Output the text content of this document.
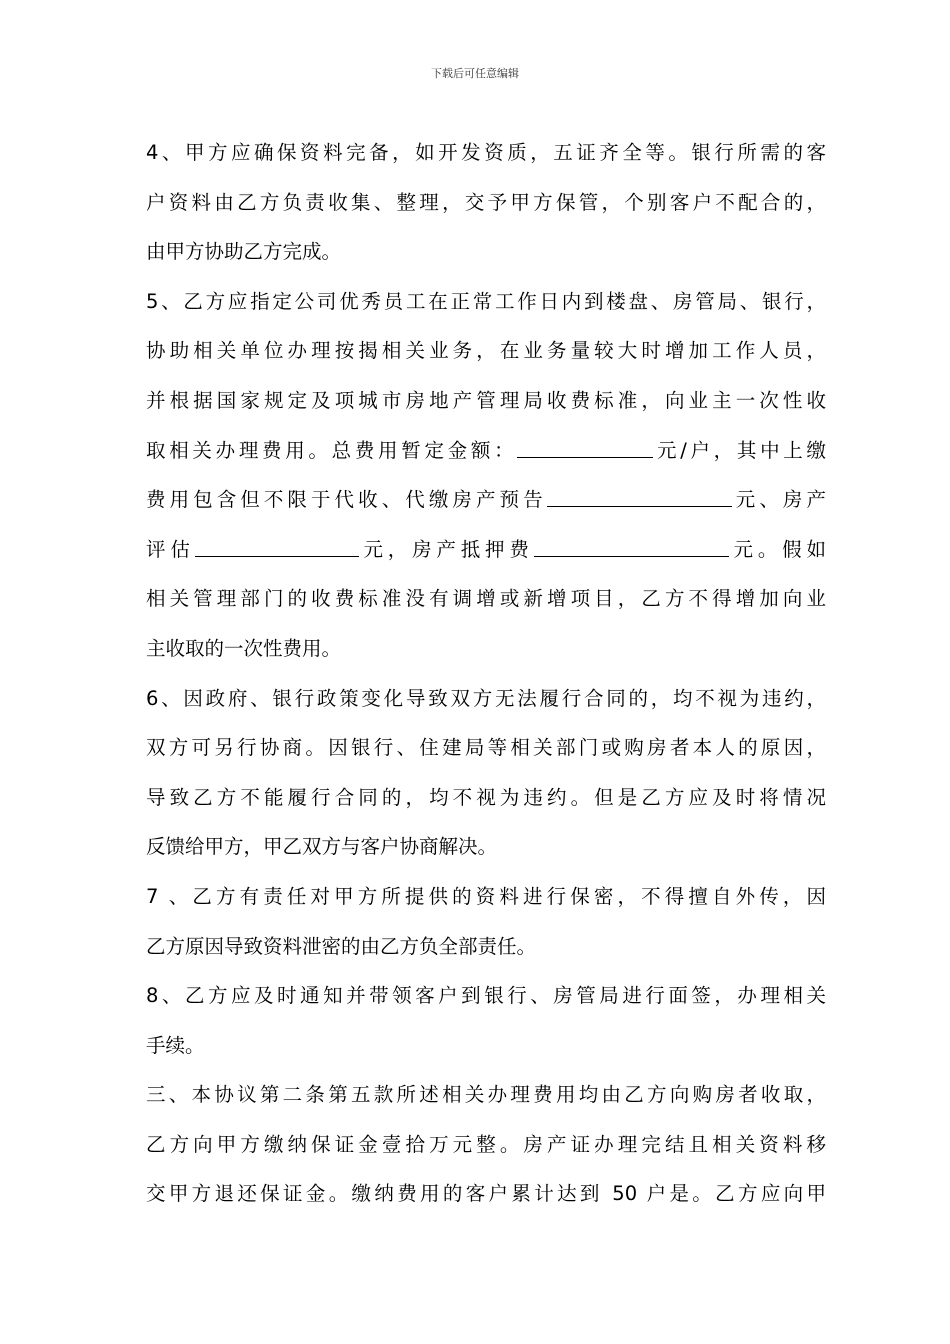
下载后可任意编辑
4、甲方应确保资料完备，如开发资质，五证齐全等。银行所需的客
户资料由乙方负责收集、整理，交予甲方保管，个别客户不配合的，
由甲方协助乙方完成。
5、乙方应指定公司优秀员工在正常工作日内到楼盘、房管局、银行，
协助相关单位办理按揭相关业务，在业务量较大时增加工作人员，
并根据国家规定及项城市房地产管理局收费标准，向业主一次性收
取相关办理费用。总费用暂定金额：	元/户，其中上缴
费用包含但不限于代收、代缴房产预告	元、房产
评估	元，房产抵押费	元。假如
相关管理部门的收费标准没有调增或新增项目，乙方不得增加向业
主收取的一次性费用。
6、因政府、银行政策变化导致双方无法履行合同的，均不视为违约，
双方可另行协商。因银行、住建局等相关部门或购房者本人的原因，
导致乙方不能履行合同的，均不视为违约。但是乙方应及时将情况
反馈给甲方，甲乙双方与客户协商解决。
7 、乙方有责任对甲方所提供的资料进行保密，不得擅自外传，因
乙方原因导致资料泄密的由乙方负全部责任。
8、乙方应及时通知并带领客户到银行、房管局进行面签，办理相关
手续。
三、本协议第二条第五款所述相关办理费用均由乙方向购房者收取，
乙方向甲方缴纳保证金壹拾万元整。房产证办理完结且相关资料移
交甲方退还保证金。缴纳费用的客户累计达到 50 户是。乙方应向甲
